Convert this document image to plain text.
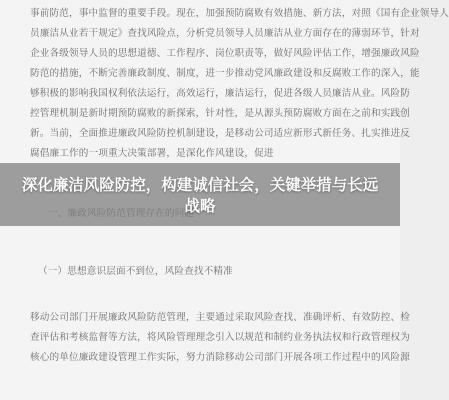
事前防范，事中监督的重要手段。现在，加强预防腐败有效措施、新方法，对照《国有企业领导人
员廉洁从业若干规定》查找风险点，分析党员领导人员廉洁从业方面存在的薄弱环节，针对
企业各级领导人员的思想道德、工作程序、岗位职责等，做好风险评估工作，增强廉政风险
防范的措施，不断完善廉政制度、制度，进一步推动党风廉政建设和反腐败工作的深入，能
够积极的影响我国权利依法运行，高效运行，廉洁运行，促进各级人员廉洁从业。风险防
控管理机制是新时期预防腐败的新探索，针对性，是从源头预防腐败方面在之前和实践创
新。当前，全面推进廉政风险防控机制建设，是移动公司适应新形式新任务、扎实推进反
腐倡廉工作的一项重大决策部署，是深化作风建设，促进
（一）思想意识层面不到位，风险查找不精准
移动公司部门开展廉政风险防范管理，主要通过采取风险查找、准确评析、有效防控、检
查评估和考核监督等方法，将风险管理理念引入以规范和制约业务执法权和行政管理权为
核心的单位廉政建设管理工作实际，努力消除移动公司部门开展各项工作过程中的风险源
深化廉洁风险防控，构建诚信社会，关键举措与长远
战略
